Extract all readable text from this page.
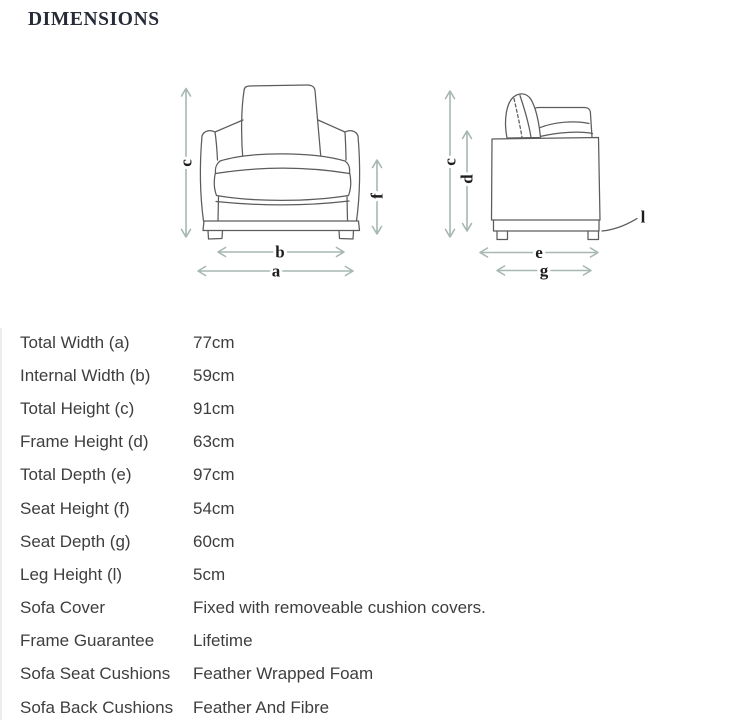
DIMENSIONS
c
f
b
a
c
d
e
g
l
Total Width (a)	77cm
Internal Width (b)	59cm
Total Height (c)	91cm
Frame Height (d)	63cm
Total Depth (e)	97cm
Seat Height (f)	54cm
Seat Depth (g)	60cm
Leg Height (l)	5cm
Sofa Cover	Fixed with removeable cushion covers.
Frame Guarantee	Lifetime
Sofa Seat Cushions	Feather Wrapped Foam
Sofa Back Cushions	Feather And Fibre
